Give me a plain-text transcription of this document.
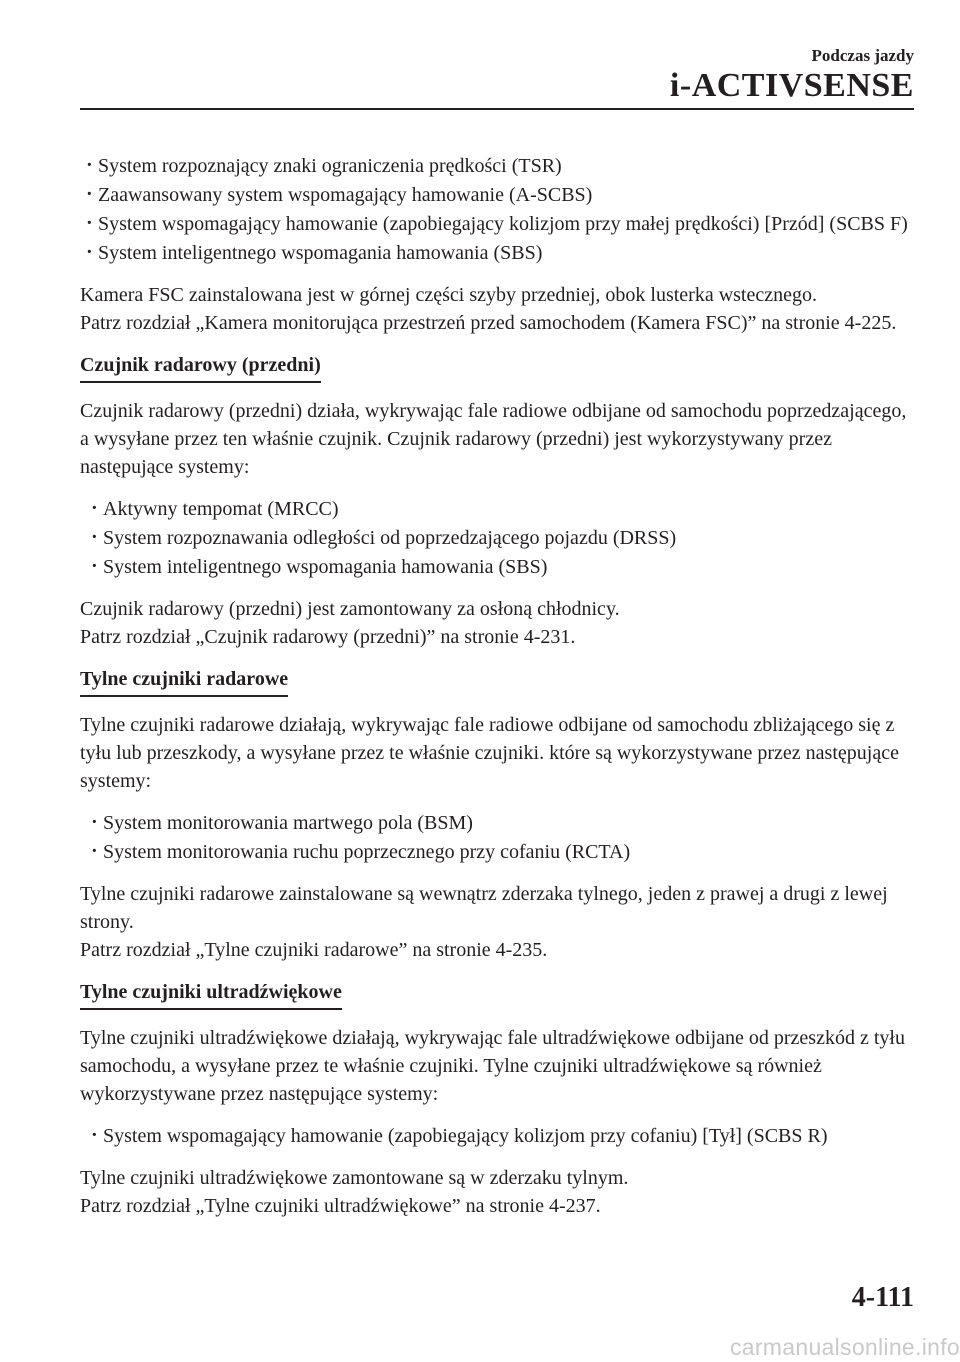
Podczas jazdy
i-ACTIVSENSE
· System rozpoznający znaki ograniczenia prędkości (TSR)
· Zaawansowany system wspomagający hamowanie (A-SCBS)
· System wspomagający hamowanie (zapobiegający kolizjom przy małej prędkości) [Przód] (SCBS F)
· System inteligentnego wspomagania hamowania (SBS)

Kamera FSC zainstalowana jest w górnej części szyby przedniej, obok lusterka wstecznego.

Patrz rozdział „Kamera monitorująca przestrzeń przed samochodem (Kamera FSC)” na stronie 4-225.

Czujnik radarowy (przedni)

Czujnik radarowy (przedni) działa, wykrywając fale radiowe odbijane od samochodu poprzedzającego, a wysyłane przez ten właśnie czujnik. Czujnik radarowy (przedni) jest wykorzystywany przez następujące systemy:

· Aktywny tempomat (MRCC)
· System rozpoznawania odległości od poprzedzającego pojazdu (DRSS)
· System inteligentnego wspomagania hamowania (SBS)

Czujnik radarowy (przedni) jest zamontowany za osłoną chłodnicy.

Patrz rozdział „Czujnik radarowy (przedni)” na stronie 4-231.

Tylne czujniki radarowe

Tylne czujniki radarowe działają, wykrywając fale radiowe odbijane od samochodu zbliżającego się z tyłu lub przeszkody, a wysyłane przez te właśnie czujniki. które są wykorzystywane przez następujące systemy:

· System monitorowania martwego pola (BSM)
· System monitorowania ruchu poprzecznego przy cofaniu (RCTA)

Tylne czujniki radarowe zainstalowane są wewnątrz zderzaka tylnego, jeden z prawej a drugi z lewej strony.

Patrz rozdział „Tylne czujniki radarowe” na stronie 4-235.

Tylne czujniki ultradźwiękowe

Tylne czujniki ultradźwiękowe działają, wykrywając fale ultradźwiękowe odbijane od przeszkód z tyłu samochodu, a wysyłane przez te właśnie czujniki. Tylne czujniki ultradźwiękowe są również wykorzystywane przez następujące systemy:

· System wspomagający hamowanie (zapobiegający kolizjom przy cofaniu) [Tył] (SCBS R)

Tylne czujniki ultradźwiękowe zamontowane są w zderzaku tylnym.

Patrz rozdział „Tylne czujniki ultradźwiękowe” na stronie 4-237.

4-111
carmanualsonline.info
